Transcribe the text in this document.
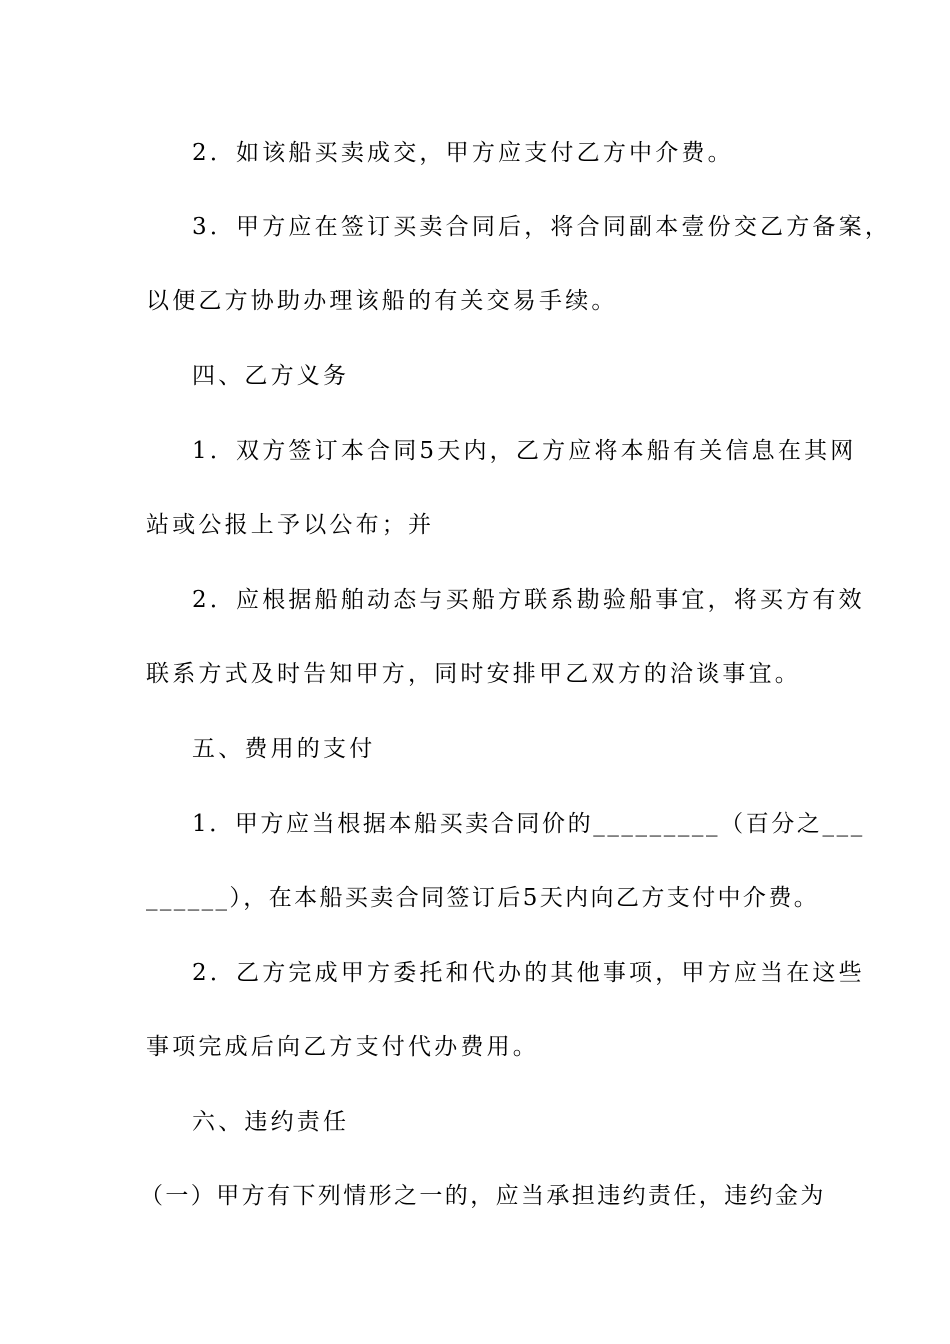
2．如该船买卖成交，甲方应支付乙方中介费。
3．甲方应在签订买卖合同后，将合同副本壹份交乙方备案，
以便乙方协助办理该船的有关交易手续。
四、乙方义务
1．双方签订本合同5天内，乙方应将本船有关信息在其网
站或公报上予以公布；并
2．应根据船舶动态与买船方联系勘验船事宜，将买方有效
联系方式及时告知甲方，同时安排甲乙双方的洽谈事宜。
五、费用的支付
1．甲方应当根据本船买卖合同价的_________（百分之___
______），在本船买卖合同签订后5天内向乙方支付中介费。
2．乙方完成甲方委托和代办的其他事项，甲方应当在这些
事项完成后向乙方支付代办费用。
六、违约责任
（一）甲方有下列情形之一的，应当承担违约责任，违约金为
